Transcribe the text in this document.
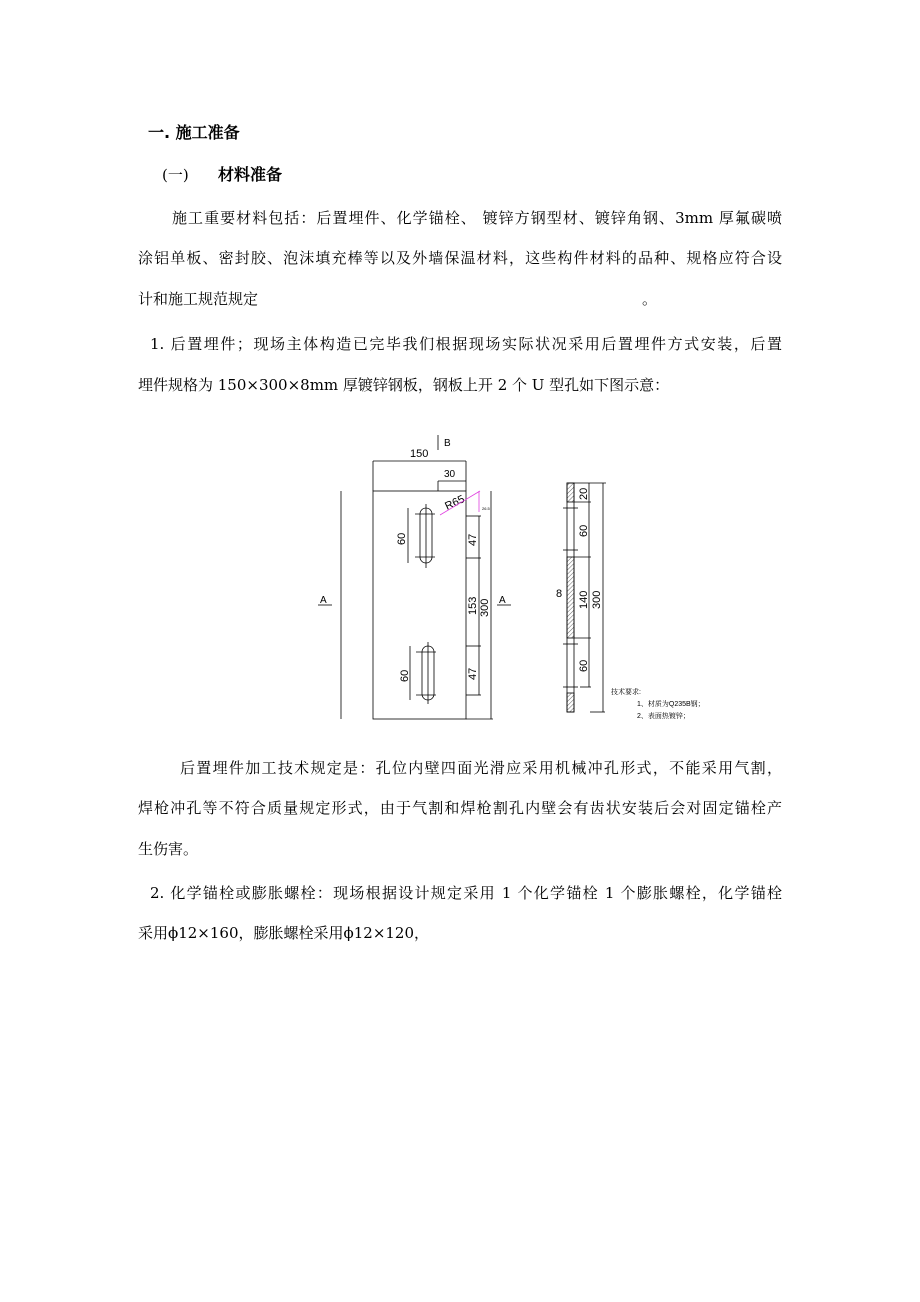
一. 施工准备
(一) 材料准备
施工重要材料包括：后置埋件、化学锚栓、 镀锌方钢型材、镀锌角钢、3mm 厚氟碳喷
涂铝单板、密封胶、泡沫填充棒等以及外墙保温材料，这些构件材料的品种、规格应符合设
计和施工规范规定	。
1. 后置埋件；现场主体构造已完毕我们根据现场实际状况采用后置埋件方式安装，后置
埋件规格为 150×300×8mm 厚镀锌钢板，钢板上开 2 个 U 型孔如下图示意：
150
B
30
R65	26.5
60
60
47
153
47
300
A	A
20
60
140
60
300
8
技术要求:
1、材质为Q235B钢；
2、表面热镀锌；
后置埋件加工技术规定是：孔位内壁四面光滑应采用机械冲孔形式，不能采用气割，
焊枪冲孔等不符合质量规定形式，由于气割和焊枪割孔内壁会有齿状安装后会对固定锚栓产
生伤害。
2. 化学锚栓或膨胀螺栓：现场根据设计规定采用 1 个化学锚栓 1 个膨胀螺栓，化学锚栓
采用ϕ12×160，膨胀螺栓采用ϕ12×120，
